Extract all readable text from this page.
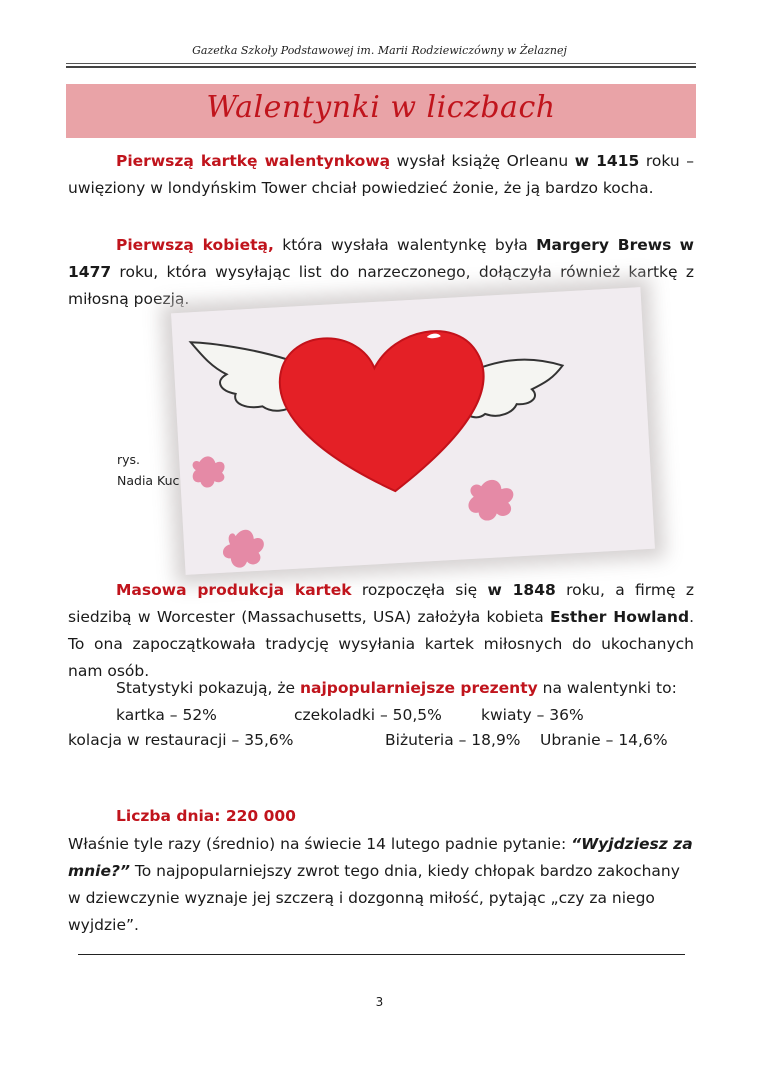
Gazetka Szkoły Podstawowej im. Marii Rodziewiczówny w Żelaznej
Walentynki w liczbach
Pierwszą kartkę walentynkową wysłał książę Orleanu w 1415 roku – uwięziony w londyńskim Tower chciał powiedzieć żonie, że ją bardzo kocha.
Pierwszą kobietą, która wysłała walentynkę była Margery Brews w 1477 roku, która wysyłając list do narzeczonego, dołączyła również kartkę z miłosną poezją.
rys.
Nadia Kuc
Masowa produkcja kartek rozpoczęła się w 1848 roku, a firmę z siedzibą w Worcester (Massachusetts, USA) założyła kobieta Esther Howland. To ona zapoczątkowała tradycję wysyłania kartek miłosnych do ukochanych nam osób.
Statystyki pokazują, że najpopularniejsze prezenty na walentynki to:
kartka – 52%	czekoladki – 50,5%	kwiaty – 36%
kolacja w restauracji – 35,6%	Biżuteria – 18,9% Ubranie – 14,6%
Liczba dnia: 220 000
Właśnie tyle razy (średnio) na świecie 14 lutego padnie pytanie: “Wyjdziesz za mnie?” To najpopularniejszy zwrot tego dnia, kiedy chłopak bardzo zakochany w dziewczynie wyznaje jej szczerą i dozgonną miłość, pytając „czy za niego wyjdzie”.
3
